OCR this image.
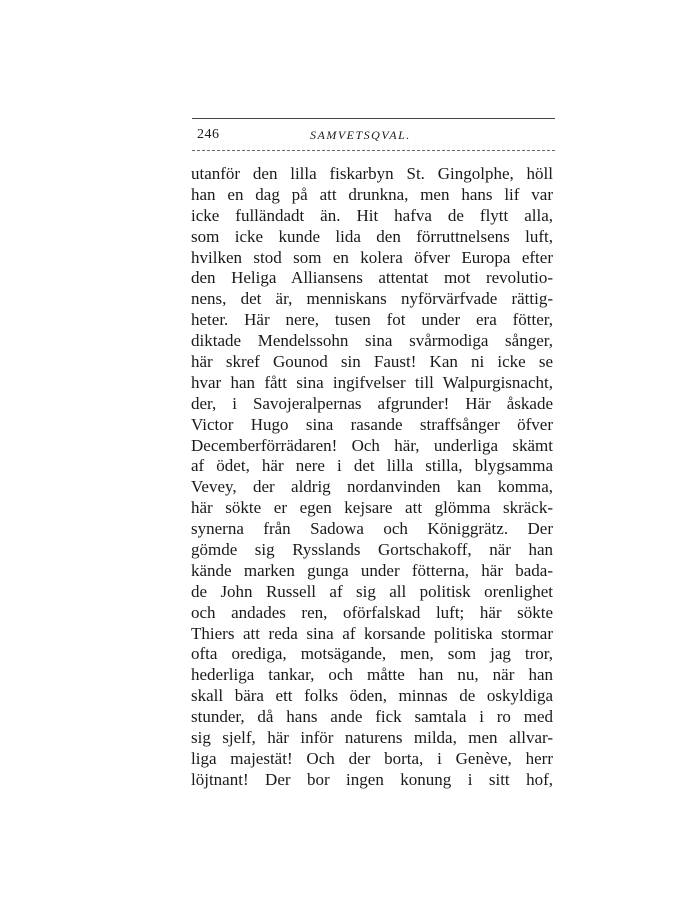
246	SAMVETSQVAL.
utanför den lilla fiskarbyn St. Gingolphe, höll
han en dag på att drunkna, men hans lif var
icke fulländadt än. Hit hafva de flytt alla,
som icke kunde lida den förruttnelsens luft,
hvilken stod som en kolera öfver Europa efter
den Heliga Alliansens attentat mot revolutio-
nens, det är, menniskans nyförvärfvade rättig-
heter. Här nere, tusen fot under era fötter,
diktade Mendelssohn sina svårmodiga sånger,
här skref Gounod sin Faust! Kan ni icke se
hvar han fått sina ingifvelser till Walpurgisnacht,
der, i Savojeralpernas afgrunder! Här åskade
Victor Hugo sina rasande straffsånger öfver
Decemberförrädaren! Och här, underliga skämt
af ödet, här nere i det lilla stilla, blygsamma
Vevey, der aldrig nordanvinden kan komma,
här sökte er egen kejsare att glömma skräck-
synerna från Sadowa och Königgrätz. Der
gömde sig Rysslands Gortschakoff, när han
kände marken gunga under fötterna, här bada-
de John Russell af sig all politisk orenlighet
och andades ren, oförfalskad luft; här sökte
Thiers att reda sina af korsande politiska stormar
ofta orediga, motsägande, men, som jag tror,
hederliga tankar, och måtte han nu, när han
skall bära ett folks öden, minnas de oskyldiga
stunder, då hans ande fick samtala i ro med
sig sjelf, här inför naturens milda, men allvar-
liga majestät! Och der borta, i Genève, herr
löjtnant! Der bor ingen konung i sitt hof,
